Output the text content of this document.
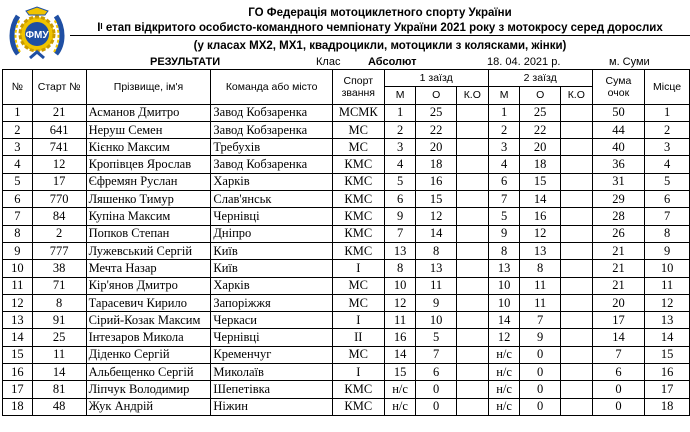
ФМУ
ГО Федерація мотоциклетного спорту України
$I^I$ етап відкритого особисто-командного чемпіонату України 2021 року з мотокросу серед дорослих
(у класах МХ2, МХ1, квадроцикли, мотоцикли з колясками, жінки)
РЕЗУЛЬТАТИ	Клас	Абсолют	18. 04. 2021 р.	м. Суми
№	Старт №	Прізвище, ім'я	Команда або місто	Спорт звання	1 заїзд			2 заїзд			Сума очок	Місце
					М	О	К.О	М	О	К.О		
1	21	Асманов Дмитро	Завод Кобзаренка	МСМК	1	25		1	25		50	1
2	641	Неруш Семен	Завод Кобзаренка	МС	2	22		2	22		44	2
3	741	Кієнко Максим	Требухів	МС	3	20		3	20		40	3
4	12	Кропівцев Ярослав	Завод Кобзаренка	КМС	4	18		4	18		36	4
5	17	Єфремян Руслан	Харків	КМС	5	16		6	15		31	5
6	770	Ляшенко Тимур	Слав'янськ	КМС	6	15		7	14		29	6
7	84	Купіна Максим	Чернівці	КМС	9	12		5	16		28	7
8	2	Попков Степан	Дніпро	КМС	7	14		9	12		26	8
9	777	Лужевський Сергій	Київ	КМС	13	8		8	13		21	9
10	38	Мечта Назар	Київ	I	8	13		13	8		21	10
11	71	Кір'янов Дмитро	Харків	МС	10	11		10	11		21	11
12	8	Тарасевич Кирило	Запоріжжя	МС	12	9		10	11		20	12
13	91	Сірий-Козак Максим	Черкаси	I	11	10		14	7		17	13
14	25	Інтезаров Микола	Чернівці	II	16	5		12	9		14	14
15	11	Діденко Сергій	Кременчуг	МС	14	7		н/с	0		7	15
16	14	Альбещенко Сергій	Миколаїв	I	15	6		н/с	0		6	16
17	81	Ліпчук Володимир	Шепетівка	КМС	н/с	0		н/с	0		0	17
18	48	Жук Андрій	Ніжин	КМС	н/с	0		н/с	0		0	18
